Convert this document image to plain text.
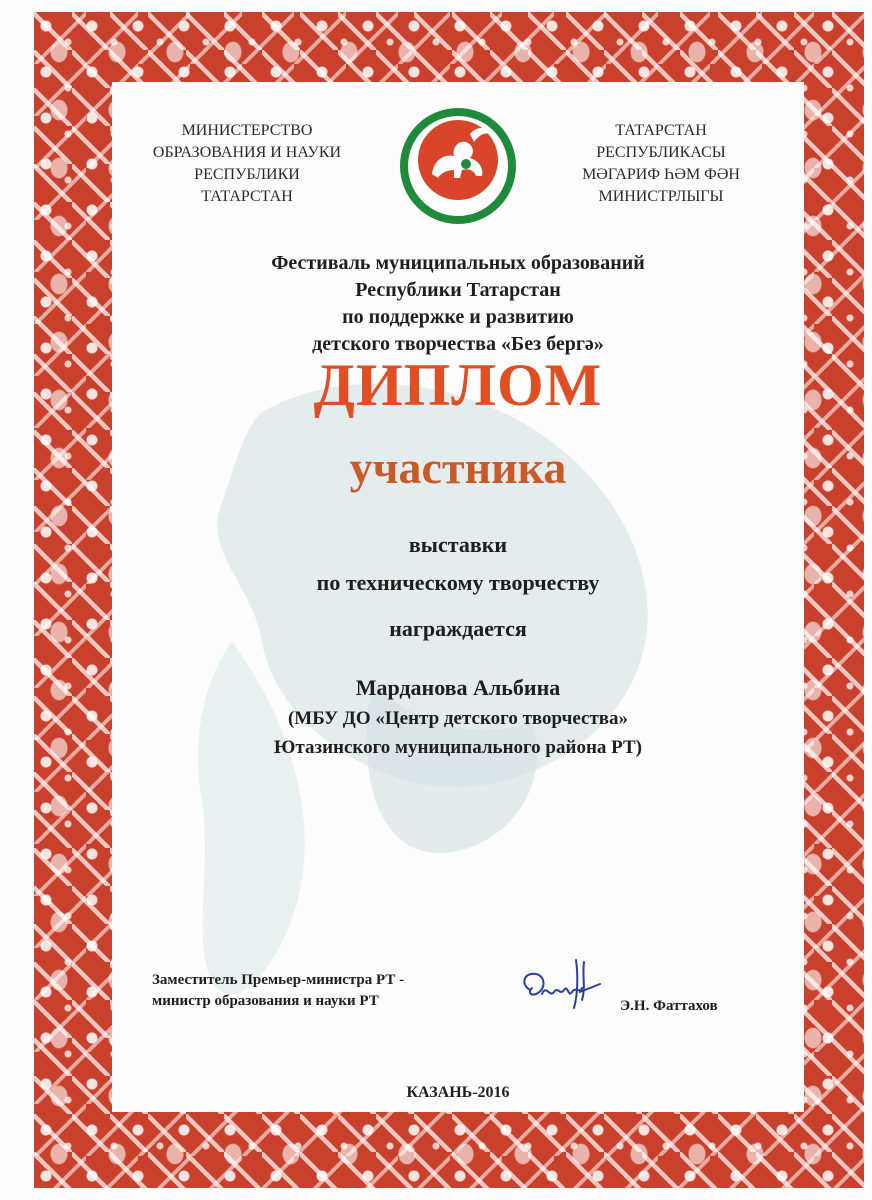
МИНИСТЕРСТВО
ОБРАЗОВАНИЯ И НАУКИ
РЕСПУБЛИКИ
ТАТАРСТАН
ТАТАРСТАН
ТАТАРСТАН
РЕСПУБЛИКАСЫ
МӘГАРИФ ҺӘМ ФӘН
МИНИСТРЛЫГЫ
Фестиваль муниципальных образований
Республики Татарстан
по поддержке и развитию
детского творчества «Без бергә»
ДИПЛОМ
участника
выставки
по техническому творчеству
награждается
Марданова Альбина
(МБУ ДО «Центр детского творчества»
Ютазинского муниципального района РТ)
Заместитель Премьер-министра РТ -
министр образования и науки РТ	Э.Н. Фаттахов
КАЗАНЬ-2016
